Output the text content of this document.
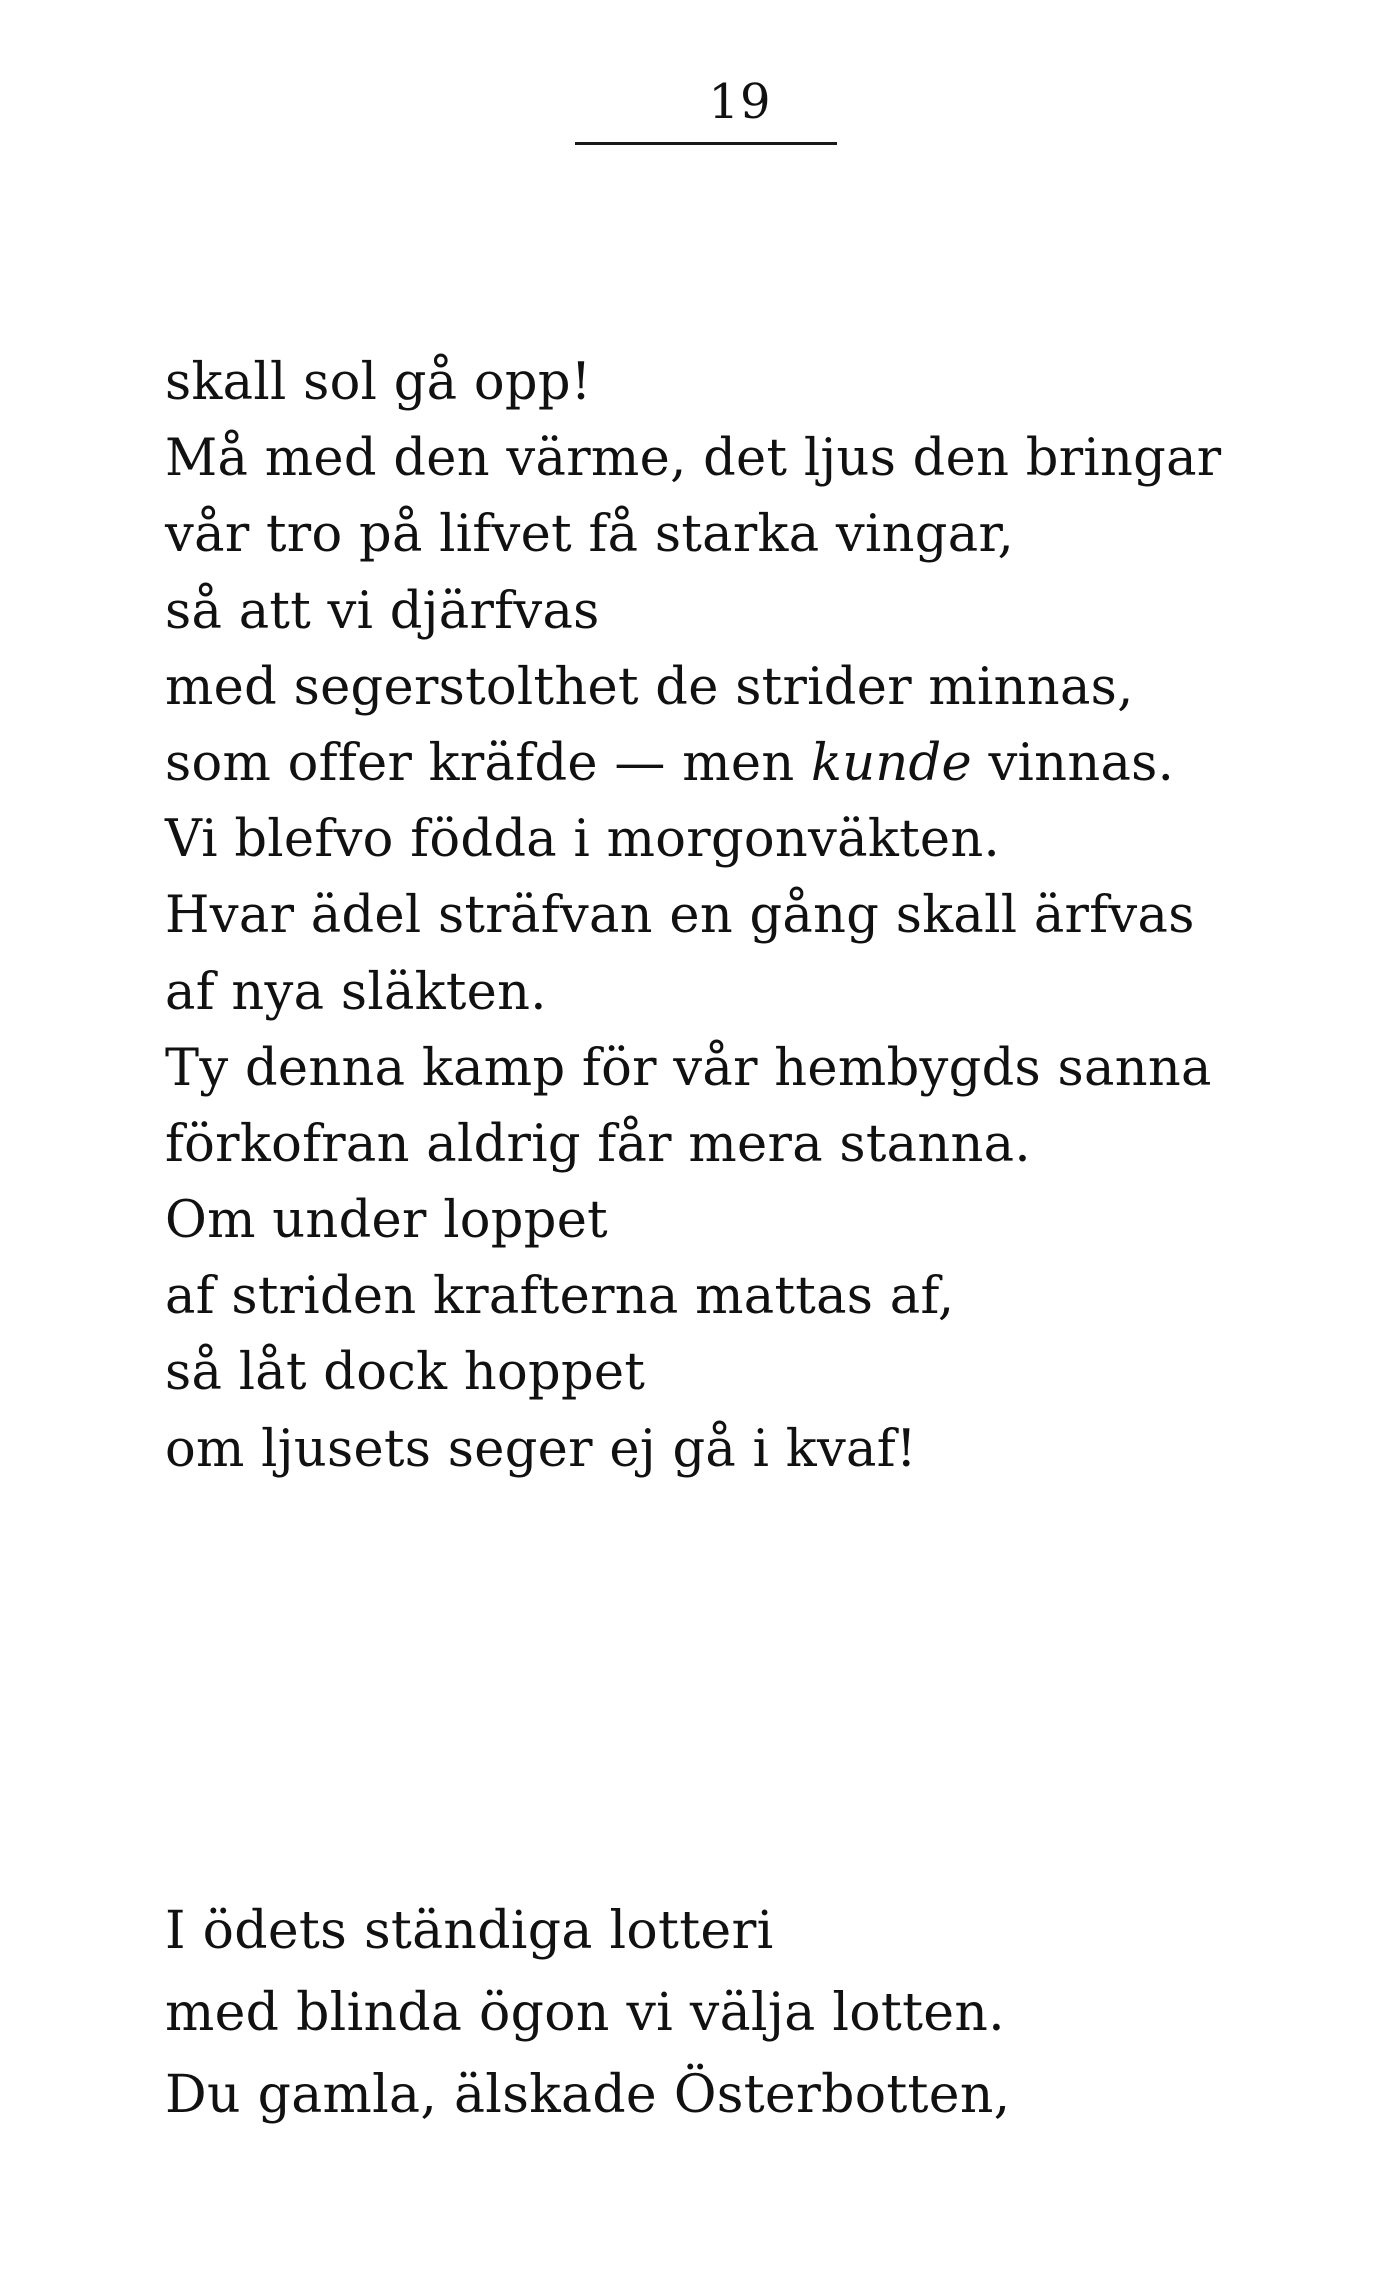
19
skall sol gå opp!
Må med den värme, det ljus den bringar
vår tro på lifvet få starka vingar,
så att vi djärfvas
med segerstolthet de strider minnas,
som offer kräfde — men kunde vinnas.
Vi blefvo födda i morgonväkten.
Hvar ädel sträfvan en gång skall ärfvas
af nya släkten.
Ty denna kamp för vår hembygds sanna
förkofran aldrig får mera stanna.
Om under loppet
af striden krafterna mattas af,
så låt dock hoppet
om ljusets seger ej gå i kvaf!
I ödets ständiga lotteri
med blinda ögon vi välja lotten.
Du gamla, älskade Österbotten,
